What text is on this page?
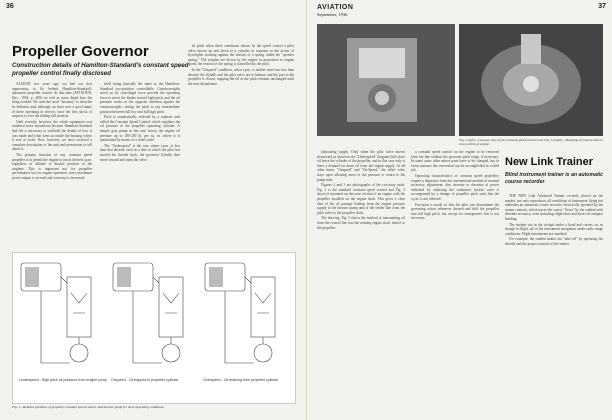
36
Propeller Governor

Construction details of Hamilton-Standard's constant speed propeller control finally disclosed

ALMOST two years ago, we had our first opportunity to fly behind Hamilton-Standard's automatic propeller control. At that time (AVIATION, Dec., 1934, p. 400) we told in some detail how the thing worked. We used the word "uncanny" to describe its behavior and, although we have now a good many of these operating in service, once the first shock of surprise is over the feeling still persists.

Until recently, however, the whole equipment was rendered more mysterious because Hamilton-Standard had felt it necessary to withhold the details of how it was made and what went on inside the housing where it was at work. Now, however, we have received a complete description of the unit and permission to tell about it.

The primary function of any constant speed propeller is to permit the engine to run at desired r.p.m. regardless of altitude or throttle position of the airplane. This is important not for propeller performance but for engine operation, since maximum power output is secured and economy is increased.

itself being basically the same as the Hamilton-Standard two-position controllable. Counterweights acted on by centrifugal force provide the operating force to move the blades toward high pitch, and the oil pressure works in the opposite direction against the counterweights, setting the pitch to any intermediate position between full low and full high pitch.

Pitch is automatically selected by a separate unit called the Constant Speed Control which regulates the oil pressure in the propeller operating cylinder. A simple gear pump in this unit boosts the engine oil pressure up to 180-200 lb. per sq. in. where it is maintained by means of a relief valve.

The "Underspeed" is the case where r.p.m. is less than that desired, such as a dive in which the pilot has moved the throttle back; the governor flyballs then move inward and open the valve.

be pitch when these conditions obtain. In the speed control a pilot valve moves up and down in a cylinder in response to the action of flyweights working against the tension of a spring called the "speeder spring." The weights are driven by the engine in proportion to engine speed, the tension of the spring is controlled by the pilot.

In the "Onspeed" condition, when r.p.m. is neither more nor less than desired, the flyballs and the pilot valve are in balance and the port to the propeller is closed, trapping the oil so the pitch remains unchanged until the next disturbance.

Underspeed - High pitch oil pressure from engine pump Onspeed - Oil trapped in propeller cylinder	Overspeed - Oil draining from propeller cylinder
Fig. 1—Relative positions of propeller, constant speed control, and booster pump for three operating conditions
AVIATION
September, 1936
37
Fig. 2 (left)—Cutaway view of the constant speed control unit. Fig. 3 (right)—Mounting of control unit on nose section of engine.

lubricating supply. Only when the pilot valve moves downward as shown in the "Underspeed" diagram (left) does oil leave the cylinder of the propeller, and in this case only is there a demand for more oil from the engine supply. At all other times, "Onspeed" and "On-Speed," the relief valve stays open allowing most of the pressure to return to the pump inlet.

Figures 2 and 3 are photographs of the cut-away units. Fig. 2 is the standard constant speed control and Fig. 3 shows it mounted on the nose section of an engine with the propeller installed on the engine shaft. This gives a clear idea of the oil passage leading from the engine pressure supply to the booster pump and of the feeder line from the pilot valve to the propeller shaft.

The drawing, Fig. 5 shows the method of transmitting oil from the control line into the rotating engine shaft, thence to the propeller.

a constant speed control on the engine to be removed from the line without the governor pitch range, if necessary. In some cases other minor parts have to be changed, but in every instance the conversion can be accomplished as a field job.

Operating characteristics of constant speed propellers require a departure from the conventional method of manual accessory adjustment. Any increase or decrease of power indicated by adjusting the carburetor fuel/air ratio is accompanied by a change of propeller pitch such that the r.p.m. is not affected.

Provision is made so that the pilot can discontinue the governing action whenever desired and shift the propeller into full high pitch, but except for emergencies this is not necessary.

New Link Trainer

Blind instrument trainer is an automatic course recorder

THE NEW Link Advanced Trainer, recently placed on the market, not only reproduces all conditions of instrument flying but embodies an automatic course recorder, electrically operated by the trainer controls, which traces the course "flown" by the student with absolute accuracy, even including slight turns and errors in compass heading.

The student sits in the cockpit under a hood and carries on, as though in flight, all of the instrument navigation under radio range conditions. Flight instruments are standard.

For example, the student makes his "take-off" by operating the throttle and the proper controls of the trainer.
